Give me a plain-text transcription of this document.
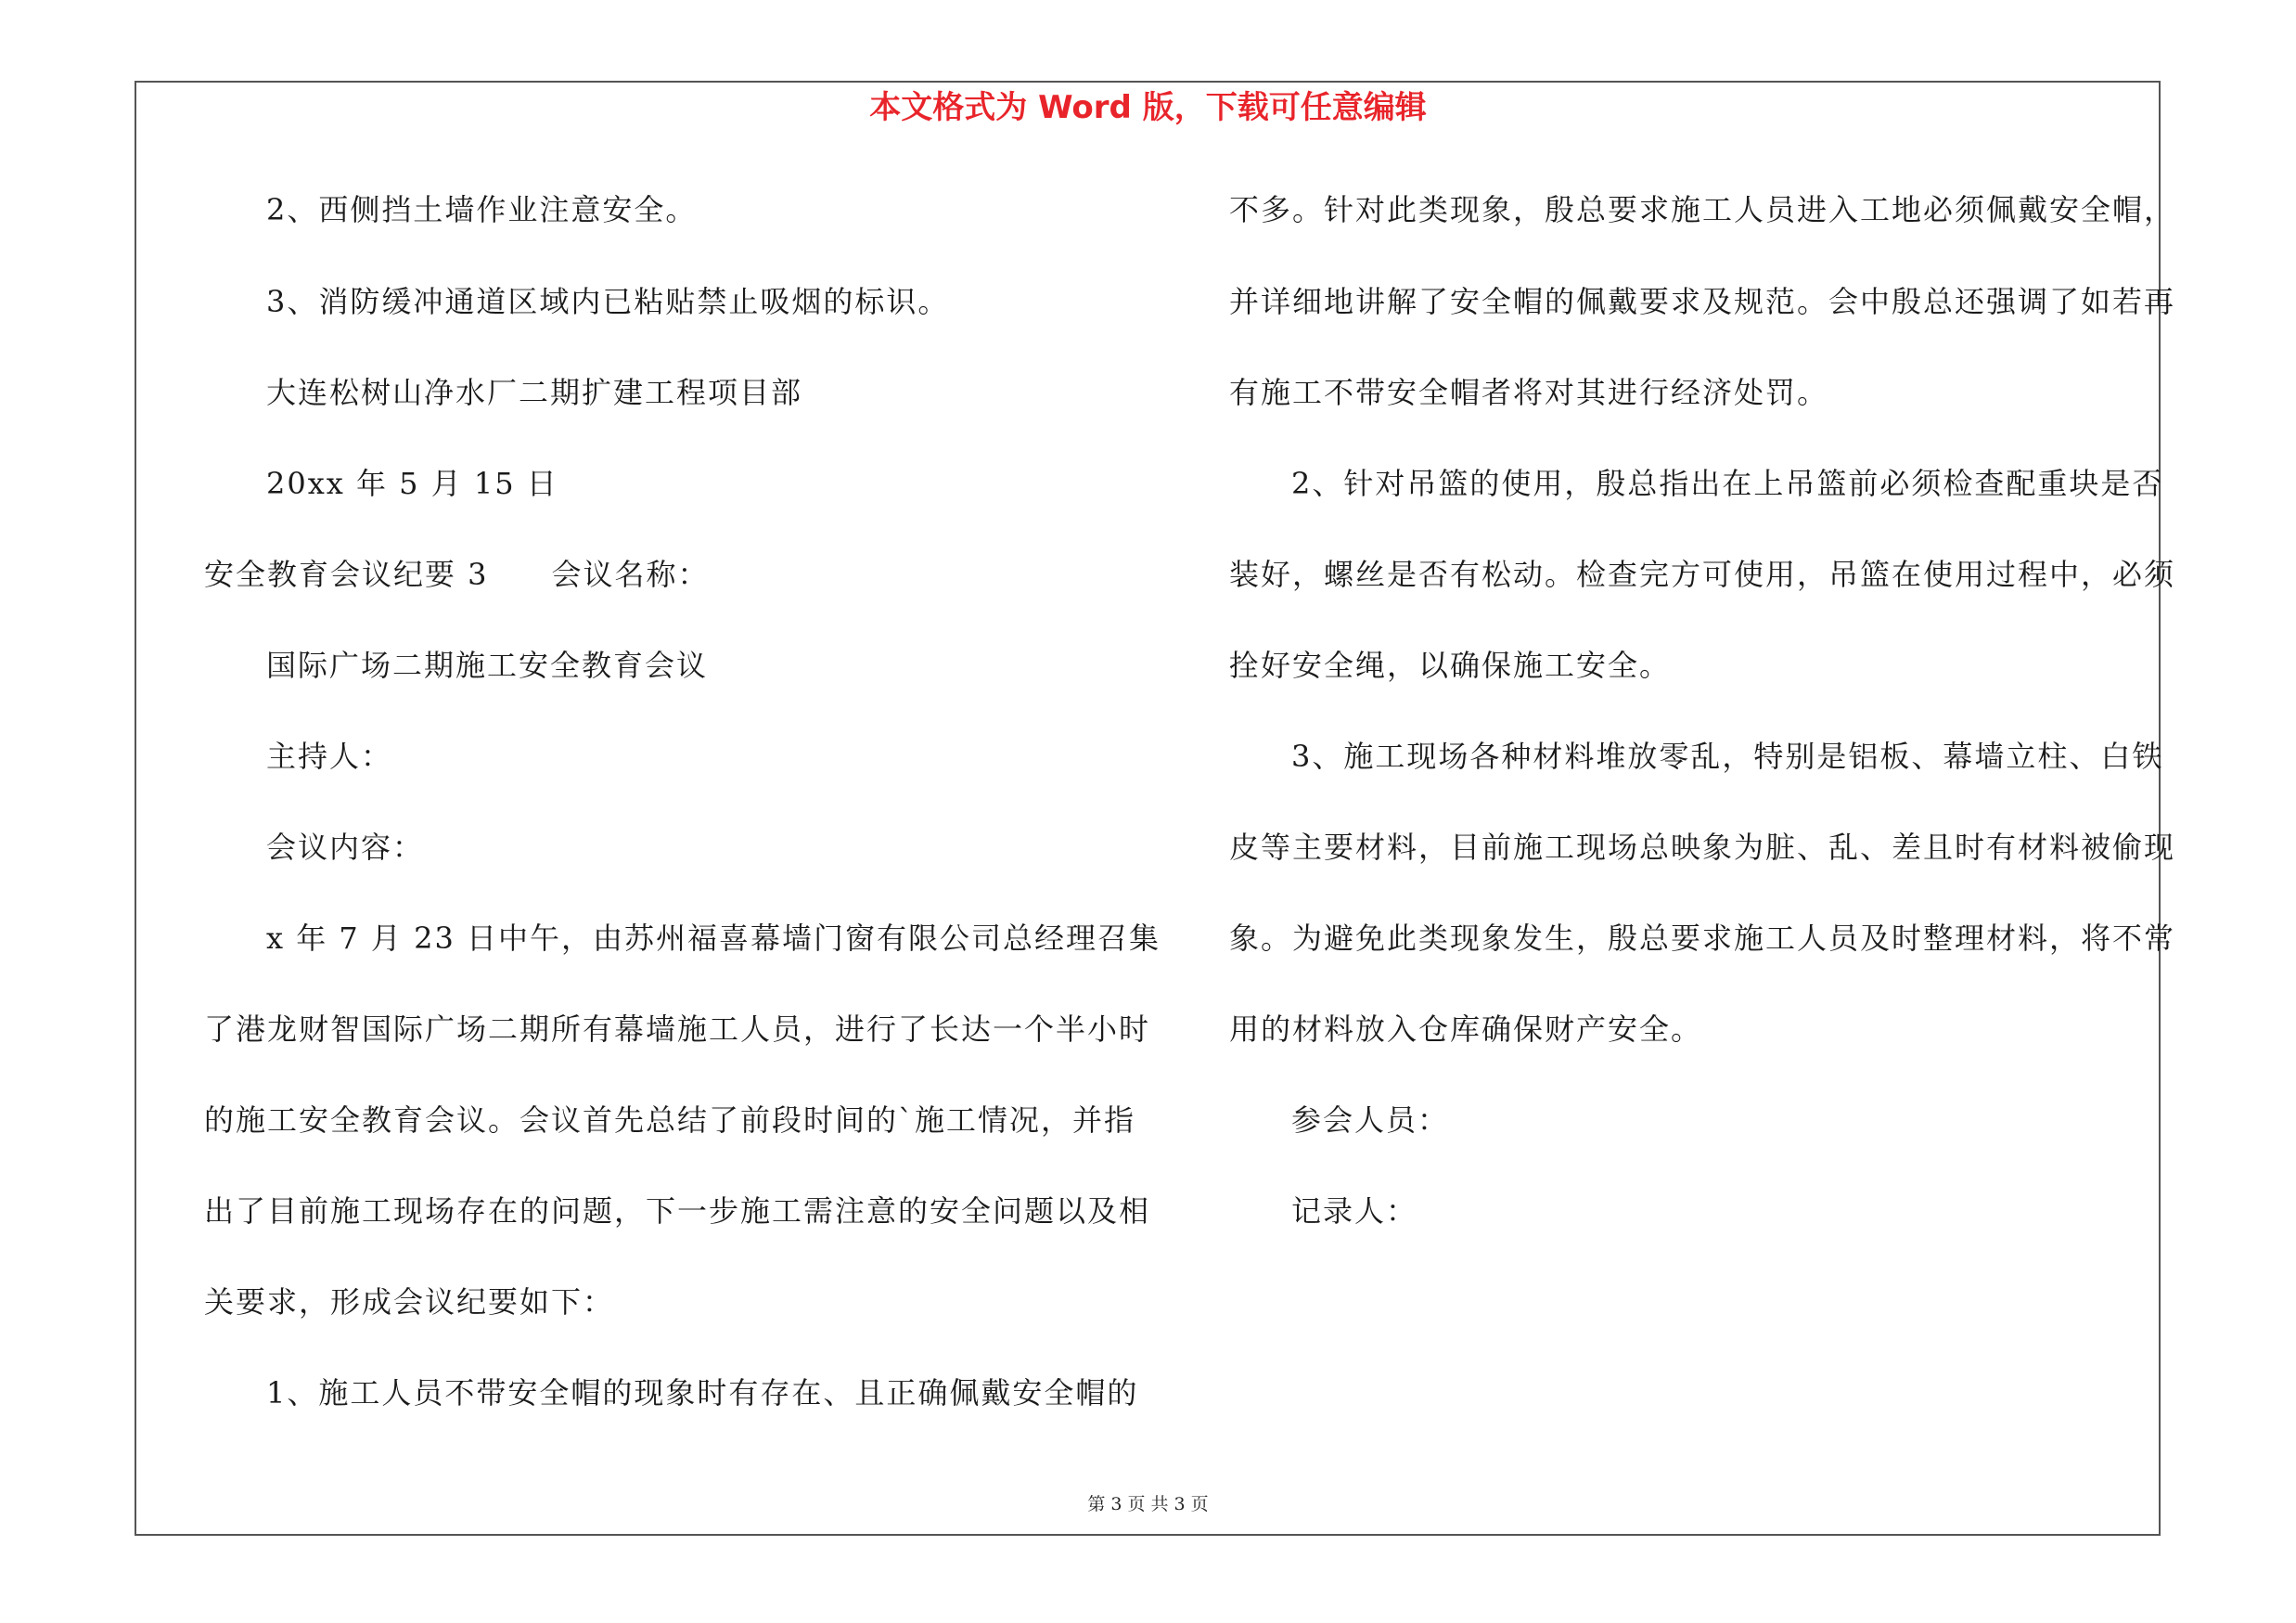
本文格式为 Word 版，下载可任意编辑
2、西侧挡土墙作业注意安全。
3、消防缓冲通道区域内已粘贴禁止吸烟的标识。
大连松树山净水厂二期扩建工程项目部
20xx 年 5 月 15 日
安全教育会议纪要 3　　会议名称：
国际广场二期施工安全教育会议
主持人：
会议内容：
x 年 7 月 23 日中午，由苏州福喜幕墙门窗有限公司总经理召集
了港龙财智国际广场二期所有幕墙施工人员，进行了长达一个半小时
的施工安全教育会议。会议首先总结了前段时间的`施工情况，并指
出了目前施工现场存在的问题，下一步施工需注意的安全问题以及相
关要求，形成会议纪要如下：
1、施工人员不带安全帽的现象时有存在、且正确佩戴安全帽的
不多。针对此类现象，殷总要求施工人员进入工地必须佩戴安全帽，
并详细地讲解了安全帽的佩戴要求及规范。会中殷总还强调了如若再
有施工不带安全帽者将对其进行经济处罚。
2、针对吊篮的使用，殷总指出在上吊篮前必须检查配重块是否
装好，螺丝是否有松动。检查完方可使用，吊篮在使用过程中，必须
拴好安全绳，以确保施工安全。
3、施工现场各种材料堆放零乱，特别是铝板、幕墙立柱、白铁
皮等主要材料，目前施工现场总映象为脏、乱、差且时有材料被偷现
象。为避免此类现象发生，殷总要求施工人员及时整理材料，将不常
用的材料放入仓库确保财产安全。
参会人员：
记录人：
第 3 页 共 3 页
